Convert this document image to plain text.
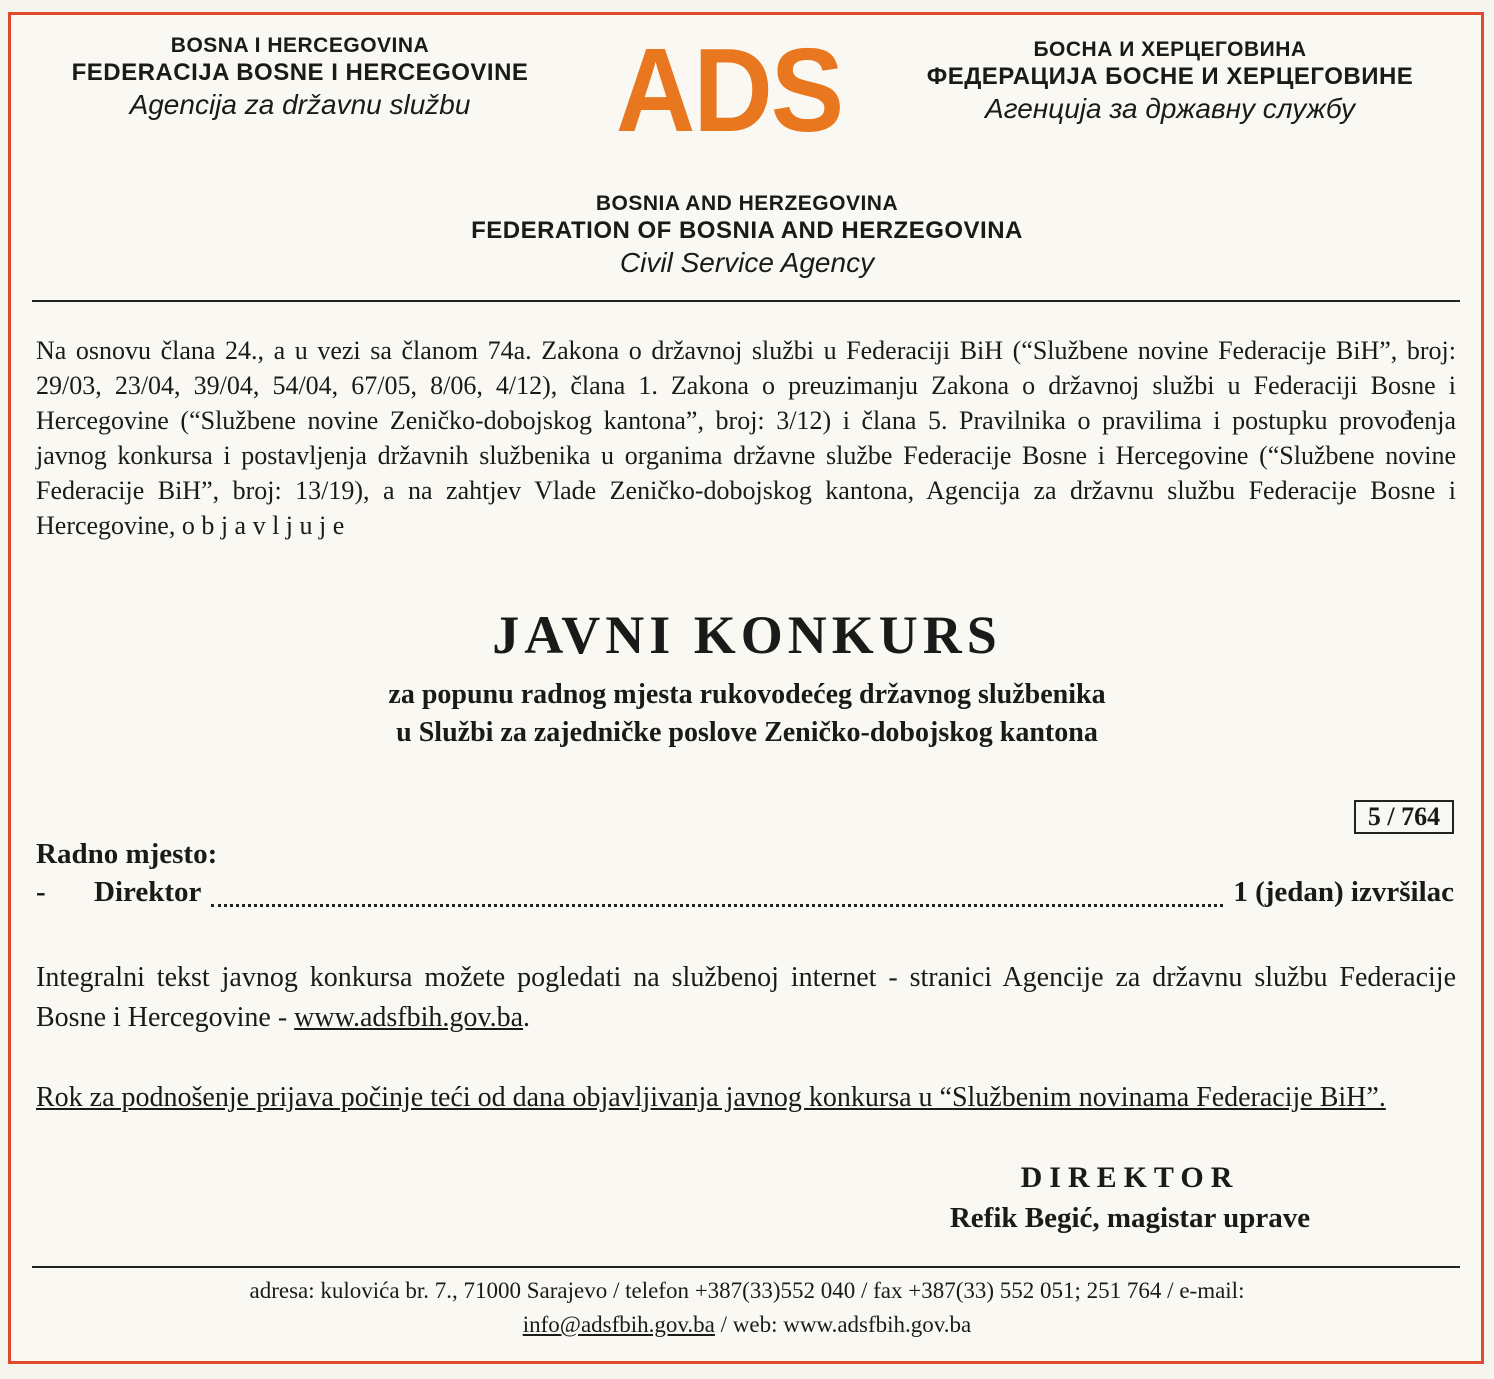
BOSNA I HERCEGOVINA
FEDERACIJA BOSNE I HERCEGOVINE
Agencija za državnu službu	ADS	БОСНА И ХЕРЦЕГОВИНА
ФЕДЕРАЦИЈА БОСНЕ И ХЕРЦЕГОВИНЕ
Агенција за државну службу
BOSNIA AND HERZEGOVINA
FEDERATION OF BOSNIA AND HERZEGOVINA
Civil Service Agency
Na osnovu člana 24., a u vezi sa članom 74a. Zakona o državnoj službi u Federaciji BiH (“Službene novine Federacije BiH”, broj: 29/03, 23/04, 39/04, 54/04, 67/05, 8/06, 4/12), člana 1. Zakona o preuzimanju Zakona o državnoj službi u Federaciji Bosne i Hercegovine (“Službene novine Zeničko-dobojskog kantona”, broj: 3/12) i člana 5. Pravilnika o pravilima i postupku provođenja javnog konkursa i postavljenja državnih službenika u organima državne službe Federacije Bosne i Hercegovine (“Službene novine Federacije BiH”, broj: 13/19), a na zahtjev Vlade Zeničko-dobojskog kantona, Agencija za državnu službu Federacije Bosne i Hercegovine, o b j a v l j u j e
JAVNI KONKURS
za popunu radnog mjesta rukovodećeg državnog službenika
u Službi za zajedničke poslove Zeničko-dobojskog kantona
5 / 764
Radno mjesto:
-	Direktor	1 (jedan) izvršilac
Integralni tekst javnog konkursa možete pogledati na službenoj internet - stranici Agencije za državnu službu Federacije Bosne i Hercegovine - www.adsfbih.gov.ba.
Rok za podnošenje prijava počinje teći od dana objavljivanja javnog konkursa u “Službenim novinama Federacije BiH”.
DIREKTOR
Refik Begić, magistar uprave
adresa: kulovića br. 7., 71000 Sarajevo / telefon +387(33)552 040 / fax +387(33) 552 051; 251 764 / e-mail:
info@adsfbih.gov.ba / web: www.adsfbih.gov.ba
